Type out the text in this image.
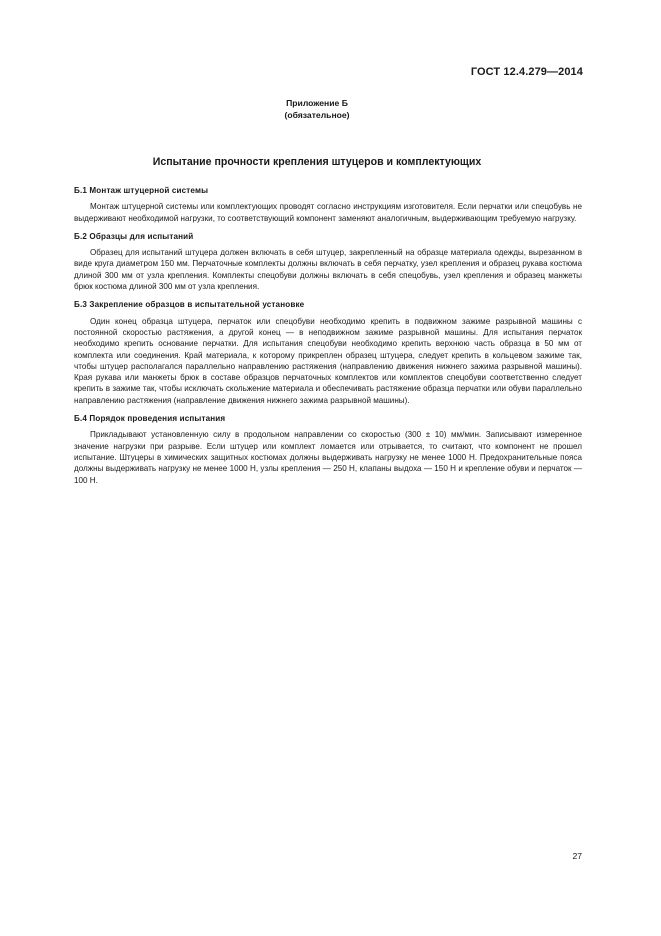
ГОСТ 12.4.279—2014
Приложение Б
(обязательное)
Испытание прочности крепления штуцеров и комплектующих
Б.1 Монтаж штуцерной системы

Монтаж штуцерной системы или комплектующих проводят согласно инструкциям изготовителя. Если перчатки или спецобувь не выдерживают необходимой нагрузки, то соответствующий компонент заменяют аналогичным, выдерживающим требуемую нагрузку.

Б.2 Образцы для испытаний

Образец для испытаний штуцера должен включать в себя штуцер, закрепленный на образце материала одежды, вырезанном в виде круга диаметром 150 мм. Перчаточные комплекты должны включать в себя перчатку, узел крепления и образец рукава костюма длиной 300 мм от узла крепления. Комплекты спецобуви должны включать в себя спецобувь, узел крепления и образец манжеты брюк костюма длиной 300 мм от узла крепления.

Б.3 Закрепление образцов в испытательной установке

Один конец образца штуцера, перчаток или спецобуви необходимо крепить в подвижном зажиме разрывной машины с постоянной скоростью растяжения, а другой конец — в неподвижном зажиме разрывной машины. Для испытания перчаток необходимо крепить основание перчатки. Для испытания спецобуви необходимо крепить верхнюю часть образца в 50 мм от комплекта или соединения. Край материала, к которому прикреплен образец штуцера, следует крепить в кольцевом зажиме так, чтобы штуцер располагался параллельно направлению растяжения (направлению движения нижнего зажима разрывной машины). Края рукава или манжеты брюк в составе образцов перчаточных комплектов или комплектов спецобуви соответственно следует крепить в зажиме так, чтобы исключать скольжение материала и обеспечивать растяжение образца перчатки или обуви параллельно направлению растяжения (направление движения нижнего зажима разрывной машины).

Б.4 Порядок проведения испытания

Прикладывают установленную силу в продольном направлении со скоростью (300 ± 10) мм/мин. Записывают измеренное значение нагрузки при разрыве. Если штуцер или комплект ломается или отрывается, то считают, что компонент не прошел испытание. Штуцеры в химических защитных костюмах должны выдерживать нагрузку не менее 1000 Н. Предохранительные пояса должны выдерживать нагрузку не менее 1000 Н, узлы крепления — 250 Н, клапаны выдоха — 150 Н и крепление обуви и перчаток — 100 Н.

27
